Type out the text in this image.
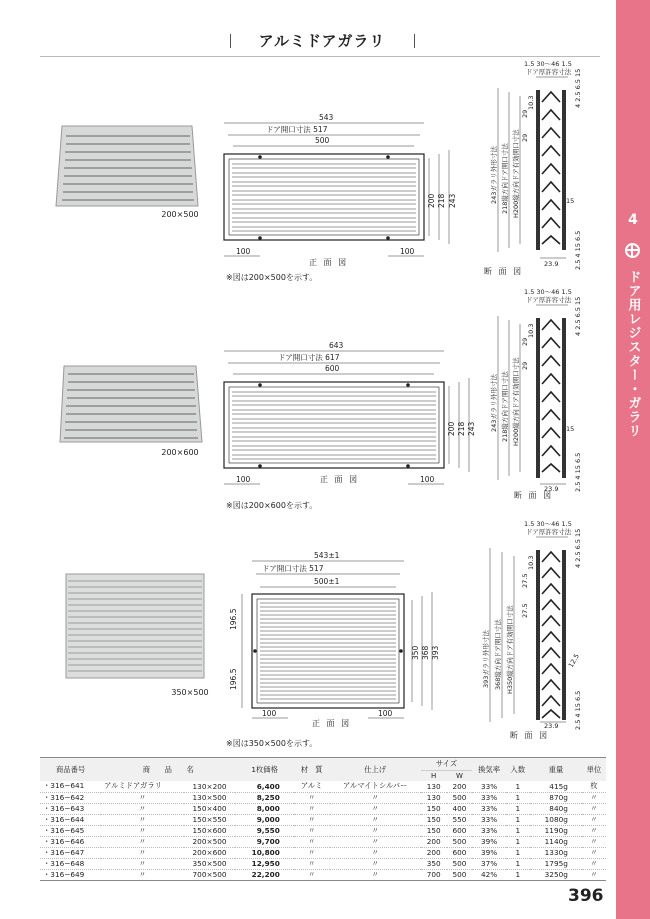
アルミドアガラリ
4
ドア用レジスター・ガラリ
200×500
543
ドア開口寸法 517
500
200 218 243
100	100
正 面 図
※図は200×500を示す。
1.5 30〜46 1.5
ドア厚許容寸法
243ガラリ外形寸法 218縦方向ドア開口寸法 H200縦方向ドア有効開口寸法
29
29
10.3
15
4 2.5 6.5 15
2.5 4 15 6.5
23.9
断 面 図
200×600
643
ドア開口寸法 617
600
200 218 243
100	100
正 面 図
※図は200×600を示す。
1.5 30〜46 1.5
ドア厚許容寸法
243ガラリ外形寸法 218縦方向ドア開口寸法 H200縦方向ドア有効開口寸法
29
29
10.3
15
4 2.5 6.5 15
2.5 4 15 6.5
23.9
断 面 図
350×500
543±1
ドア開口寸法 517
500±1
196.5
196.5
350 368 393
100	100
正 面 図
※図は350×500を示す。
1.5 30〜46 1.5
ドア厚許容寸法
393ガラリ外形寸法 368縦方向ドア開口寸法 H350縦方向ドア有効開口寸法
27.5
27.5
10.3
12.5
4 2.5 6.5 15
2.5 4 15 6.5
23.9
断 面 図
商品番号	商　　品　　名		1枚価格	材　質	仕上げ	サイズ		換気率	入数	重量	単位
						H	W				
・316−641	アルミドアガラリ	130×200	6,400	アルミ	アルマイトシルバー	130	200	33%	1	415g	枚
・316−642	〃	130×500	8,250	〃	〃	130	500	33%	1	870g	〃
・316−643	〃	150×400	8,000	〃	〃	150	400	33%	1	840g	〃
・316−644	〃	150×550	9,000	〃	〃	150	550	33%	1	1080g	〃
・316−645	〃	150×600	9,550	〃	〃	150	600	33%	1	1190g	〃
・316−646	〃	200×500	9,700	〃	〃	200	500	39%	1	1140g	〃
・316−647	〃	200×600	10,800	〃	〃	200	600	39%	1	1330g	〃
・316−648	〃	350×500	12,950	〃	〃	350	500	37%	1	1795g	〃
・316−649	〃	700×500	22,200	〃	〃	700	500	42%	1	3250g	〃
396
